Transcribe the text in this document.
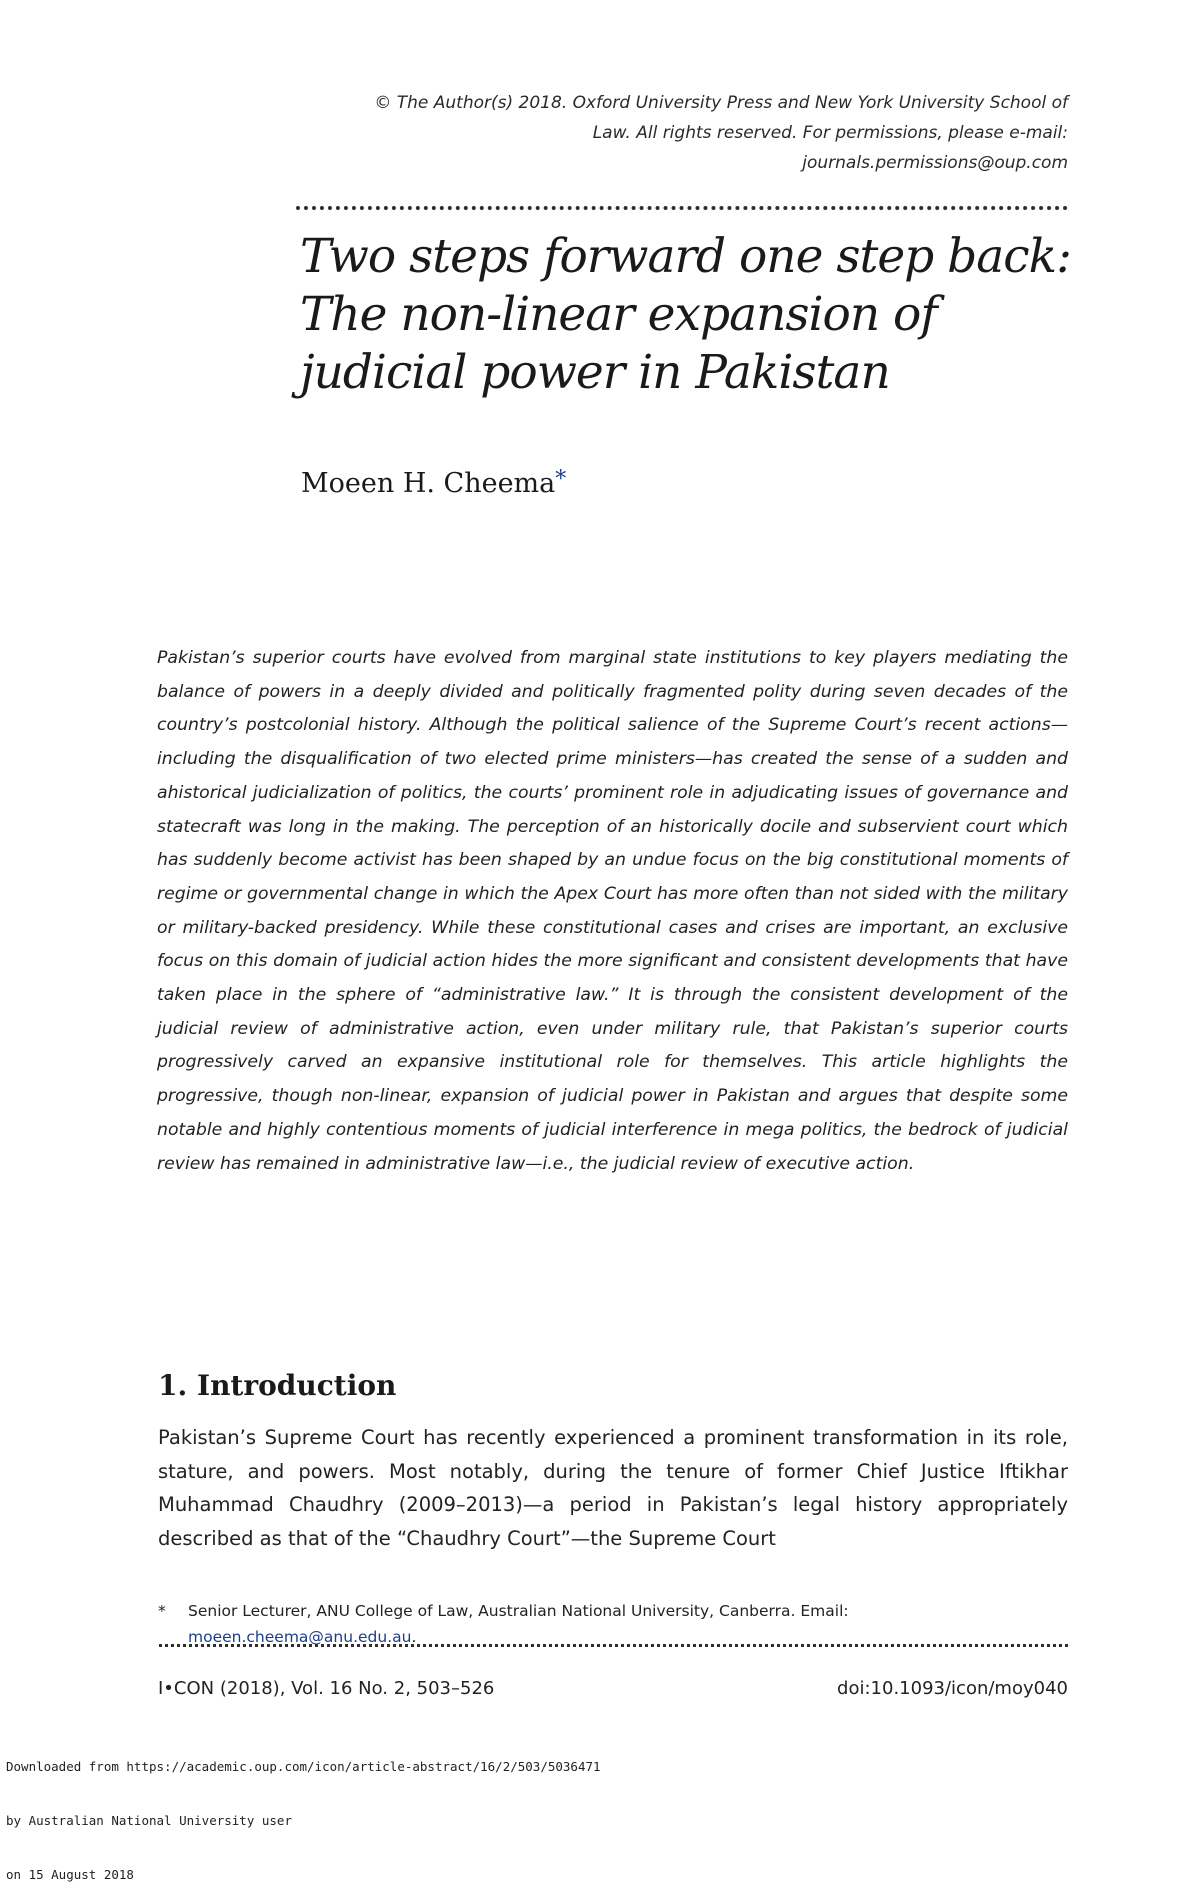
© The Author(s) 2018. Oxford University Press and New York University School of
Law. All rights reserved. For permissions, please e-mail: journals.permissions@oup.com
Two steps forward one step back:
The non-linear expansion of
judicial power in Pakistan
Moeen H. Cheema*

Pakistan’s superior courts have evolved from marginal state institutions to key players mediating the balance of powers in a deeply divided and politically fragmented polity during seven decades of the country’s postcolonial history. Although the political salience of the Supreme Court’s recent actions—including the disqualification of two elected prime ministers—has created the sense of a sudden and ahistorical judicialization of politics, the courts’ prominent role in adjudicating issues of governance and statecraft was long in the making. The perception of an historically docile and subservient court which has suddenly become activist has been shaped by an undue focus on the big constitutional moments of regime or governmental change in which the Apex Court has more often than not sided with the military or military-backed presidency. While these constitutional cases and crises are important, an exclusive focus on this domain of judicial action hides the more significant and consistent developments that have taken place in the sphere of “administrative law.” It is through the consistent development of the judicial review of administrative action, even under military rule, that Pakistan’s superior courts progressively carved an expansive institutional role for themselves. This article highlights the progressive, though non-linear, expansion of judicial power in Pakistan and argues that despite some notable and highly contentious moments of judicial interference in mega politics, the bedrock of judicial review has remained in administrative law—i.e., the judicial review of executive action.

1. Introduction

Pakistan’s Supreme Court has recently experienced a prominent transformation in its role, stature, and powers. Most notably, during the tenure of former Chief Justice Iftikhar Muhammad Chaudhry (2009–2013)—a period in Pakistan’s legal history appropriately described as that of the “Chaudhry Court”—the Supreme Court

* Senior Lecturer, ANU College of Law, Australian National University, Canberra. Email: moeen.cheema@anu.edu.au.
I•CON (2018), Vol. 16 No. 2, 503–526	doi:10.1093/icon/moy040

Downloaded from https://academic.oup.com/icon/article-abstract/16/2/503/5036471

by Australian National University user

on 15 August 2018
